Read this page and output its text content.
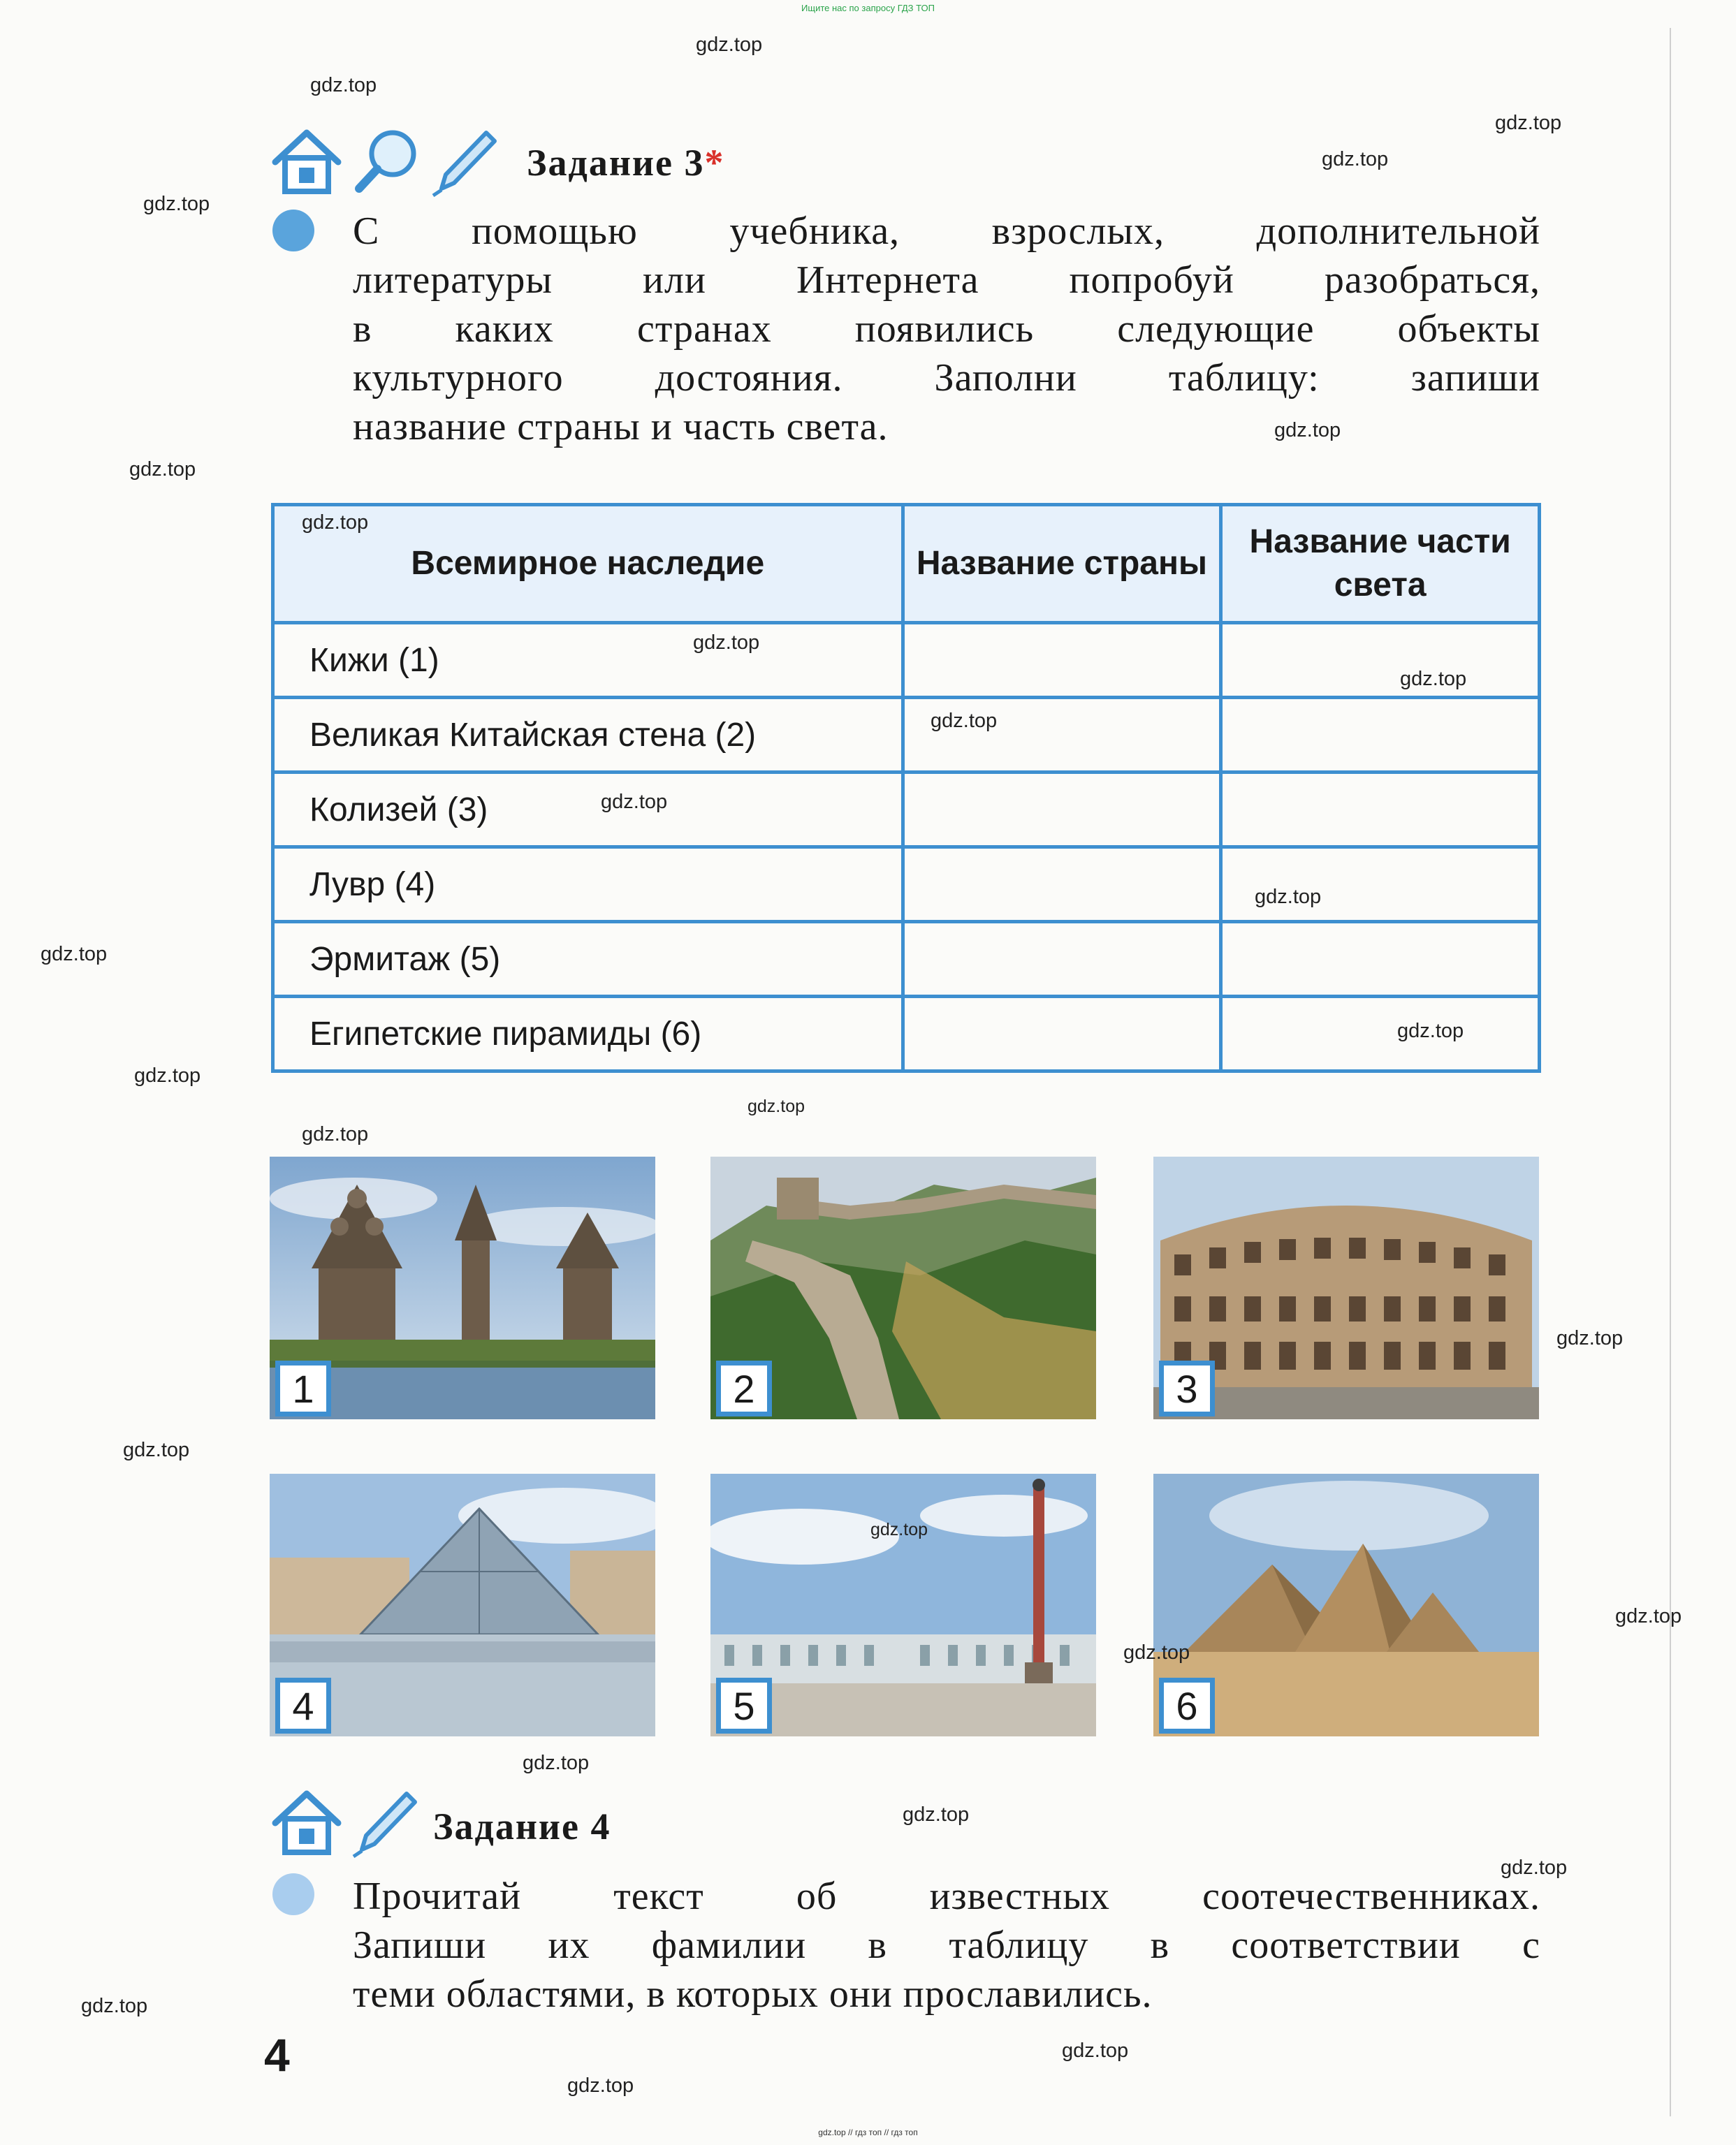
Ищите нас по запросу ГДЗ ТОП
Задание 3*
С помощью учебника, взрослых, дополнительной
литературы или Интернета попробуй разобраться,
в каких странах появились следующие объекты
культурного достояния. Заполни таблицу: запиши
название страны и часть света.
Всемирное наследие	Название страны	Название части света
Кижи (1)		
Великая Китайская стена (2)		
Колизей (3)		
Лувр (4)		
Эрмитаж (5)		
Египетские пирамиды (6)		
1	2	3
4	5	6
Задание 4
Прочитай текст об известных соотечественниках.
Запиши их фамилии в таблицу в соответствии с
теми областями, в которых они прославились.
4
gdz.top // гдз топ // гдз топ
gdz.top
gdz.top
gdz.top
gdz.top
gdz.top
gdz.top
gdz.top
gdz.top
gdz.top
gdz.top
gdz.top
gdz.top
gdz.top
gdz.top
gdz.top
gdz.top
gdz.top
gdz.top
gdz.top
gdz.top
gdz.top
gdz.top
gdz.top
gdz.top
gdz.top
gdz.top
gdz.top
gdz.top
gdz.top
